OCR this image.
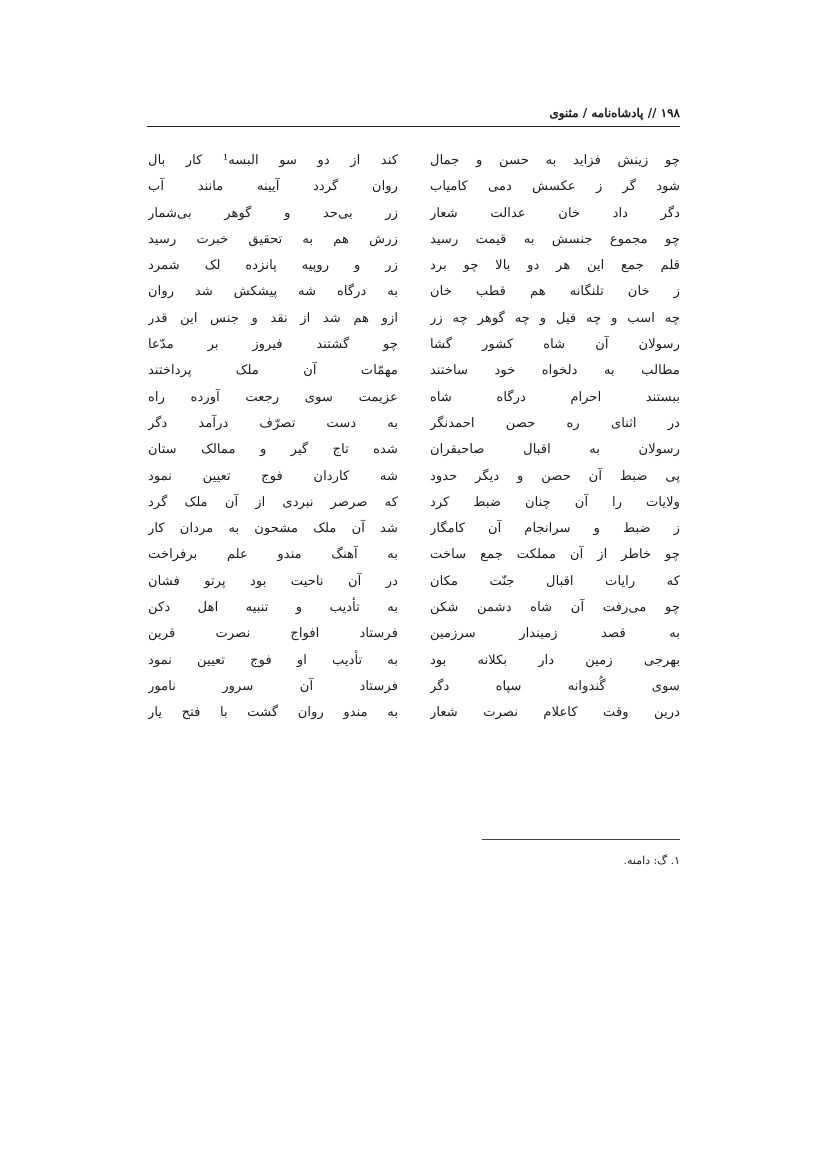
۱۹۸ // پادشاه‌نامه / مثنوی
چو زینش فزاید به حسن و جمال
شود گر ز عکسش دمی کامیاب
دگر داد خان عدالت شعار
چو مجموع جنسش به قیمت رسید
قلم جمع این هر دو بالا چو برد
ز خان تلنگانه هم قطب خان
چه اسب و چه فیل و چه گوهر چه زر
رسولان آن شاه کشور گشا
مطالب به دلخواه خود ساختند
ببستند احرام درگاه شاه
در اثنای ره حصن احمدنگر
رسولان به اقبال صاحبقران
پی ضبط آن حصن و دیگر حدود
ولایات را آن چنان ضبط کرد
ز ضبط و سرانجام آن کامگار
چو خاطر از آن مملکت جمع ساخت
که رایات اقبال جنّت مکان
چو می‌رفت آن شاه دشمن شکن
به قصد زمیندار سرزمین
بهرجی زمین دار بکلانه بود
سوی گُندوانه سپاه دگر
درین وقت کاعلام نصرت شعار
کند از دو سو البسه¹ کار بال
روان گردد آیینه مانند آب
زر بی‌حد و گوهر بی‌شمار
زرش هم به تحقیق خبرت رسید
زر و روپیه پانزده لک شمرد
به درگاه شه پیشکش شد روان
ازو هم شد از نقد و جنس این قدر
چو گشتند فیروز بر مدّعا
مهمّات آن ملک پرداختند
عزیمت سوی رجعت آورده راه
به دست تصرّف درآمد دگر
شده تاج گیر و ممالک ستان
شه کاردان فوج تعیین نمود
که صرصر نبردی از آن ملک گرد
شد آن ملک مشحون به مردان کار
به آهنگ مندو علم برفراخت
در آن ناحیت بود پرتو فشان
به تأدیب و تنبیه اهل دکن
فرستاد افواج نصرت قرین
به تأدیب او فوج تعیین نمود
فرستاد آن سرور نامور
به مندو روان گشت با فتح یار
۱. گ: دامنه.
